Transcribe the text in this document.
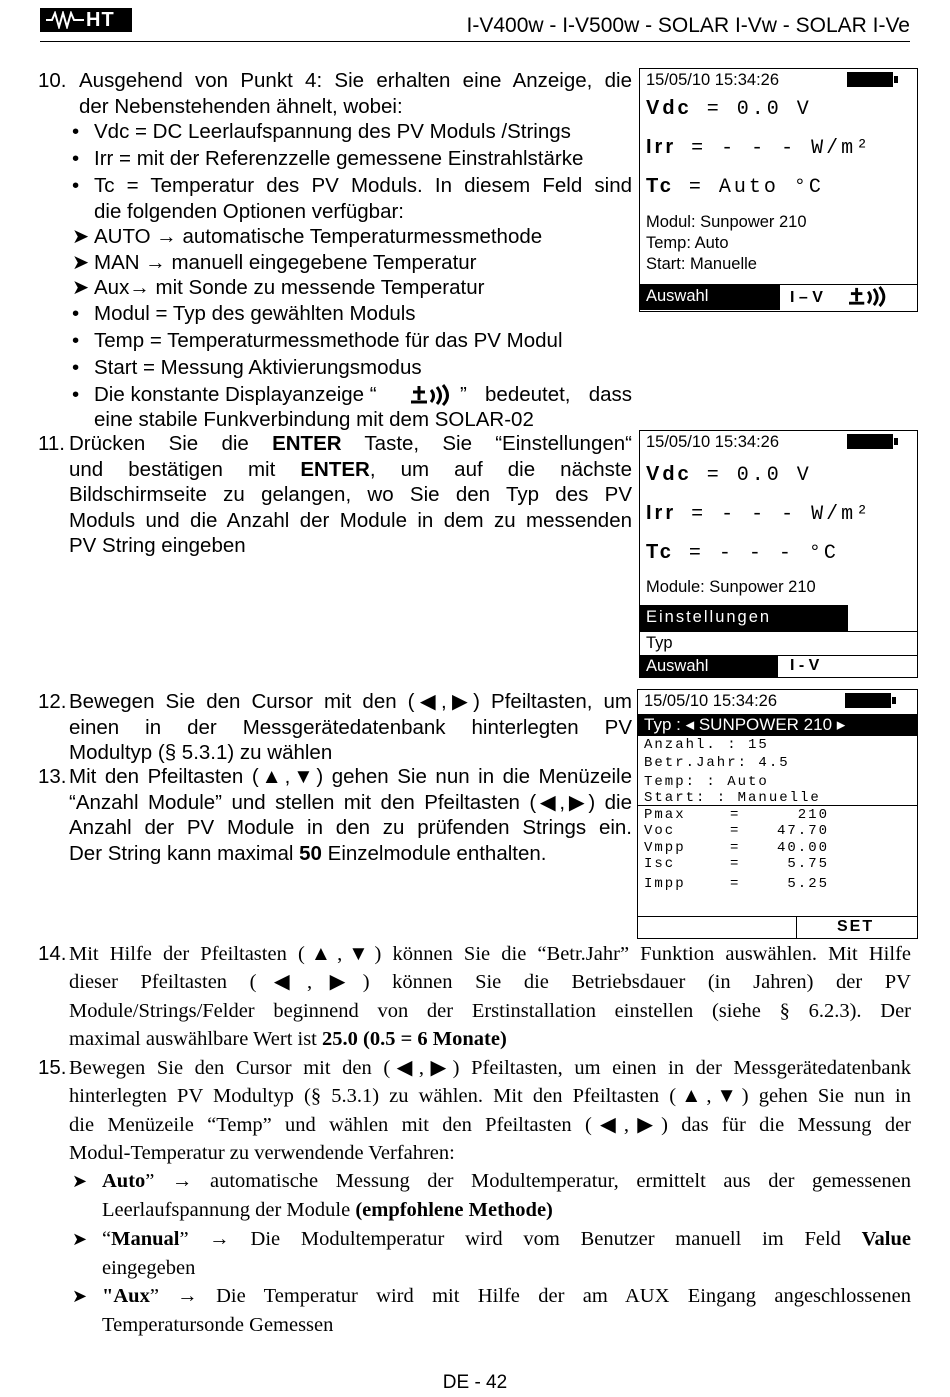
HT	I-V400w - I-V500w - SOLAR I-Vw - SOLAR I-Ve
10. Ausgehend von Punkt 4: Sie erhalten eine Anzeige, die
der Nebenstehenden ähnelt, wobei:
• Vdc = DC Leerlaufspannung des PV Moduls /Strings
• Irr = mit der Referenzzelle gemessene Einstrahlstärke
• Tc = Temperatur des PV Moduls. In diesem Feld sind
die folgenden Optionen verfügbar:
➤ AUTO → automatische Temperaturmessmethode
➤ MAN → manuell eingegebene Temperatur
➤ Aux→ mit Sonde zu messende Temperatur
• Modul = Typ des gewählten Moduls
• Temp = Temperaturmessmethode für das PV Modul
• Start = Messung Aktivierungsmodus
• Die konstante Displayanzeige “	” bedeutet, dass
eine stabile Funkverbindung mit dem SOLAR-02
15/05/10 15:34:26
Vdc = 0.0 V
Irr = - - - W/m²
Tc = Auto °C
Modul: Sunpower 210
Temp: Auto
Start: Manuelle
Auswahl	I – V
11. Drücken Sie die ENTER Taste, Sie “Einstellungen“
und bestätigen mit ENTER, um auf die nächste
Bildschirmseite zu gelangen, wo Sie den Typ des PV
Moduls und die Anzahl der Module in dem zu messenden
PV String eingeben
15/05/10 15:34:26
Vdc = 0.0 V
Irr = - - - W/m²
Tc = - - - °C
Module: Sunpower 210
Einstellungen
Typ
Auswahl	I - V
12. Bewegen Sie den Cursor mit den (◀,▶) Pfeiltasten, um
einen in der Messgerätedatenbank hinterlegten PV
Modultyp (§ 5.3.1) zu wählen
13. Mit den Pfeiltasten (▲,▼) gehen Sie nun in die Menüzeile
“Anzahl Module” und stellen mit den Pfeiltasten (◀,▶) die
Anzahl der PV Module in den zu prüfenden Strings ein.
Der String kann maximal 50 Einzelmodule enthalten.
15/05/10 15:34:26
Typ : ◂ SUNPOWER 210 ▸
Anzahl. : 15
Betr.Jahr: 4.5
Temp: : Auto
Start: : Manuelle
Pmax	=	210
Voc	=	47.70
Vmpp	=	40.00
Isc	=	5.75
Impp	=	5.25
SET
14. Mit Hilfe der Pfeiltasten (▲,▼) können Sie die “Betr.Jahr” Funktion auswählen. Mit Hilfe
dieser Pfeiltasten (◀,▶) können Sie die Betriebsdauer (in Jahren) der PV
Module/Strings/Felder beginnend von der Erstinstallation einstellen (siehe § 6.2.3). Der
maximal auswählbare Wert ist 25.0 (0.5 = 6 Monate)
15. Bewegen Sie den Cursor mit den (◀,▶) Pfeiltasten, um einen in der Messgerätedatenbank
hinterlegten PV Modultyp (§ 5.3.1) zu wählen. Mit den Pfeiltasten (▲,▼) gehen Sie nun in
die Menüzeile “Temp” und wählen mit den Pfeiltasten (◀,▶) das für die Messung der
Modul-Temperatur zu verwendende Verfahren:
➤ Auto” → automatische Messung der Modultemperatur, ermittelt aus der gemessenen
Leerlaufspannung der Module (empfohlene Methode)
➤ “Manual” → Die Modultemperatur wird vom Benutzer manuell im Feld Value
eingegeben
➤ "Aux” → Die Temperatur wird mit Hilfe der am AUX Eingang angeschlossenen
Temperatursonde Gemessen
DE - 42
